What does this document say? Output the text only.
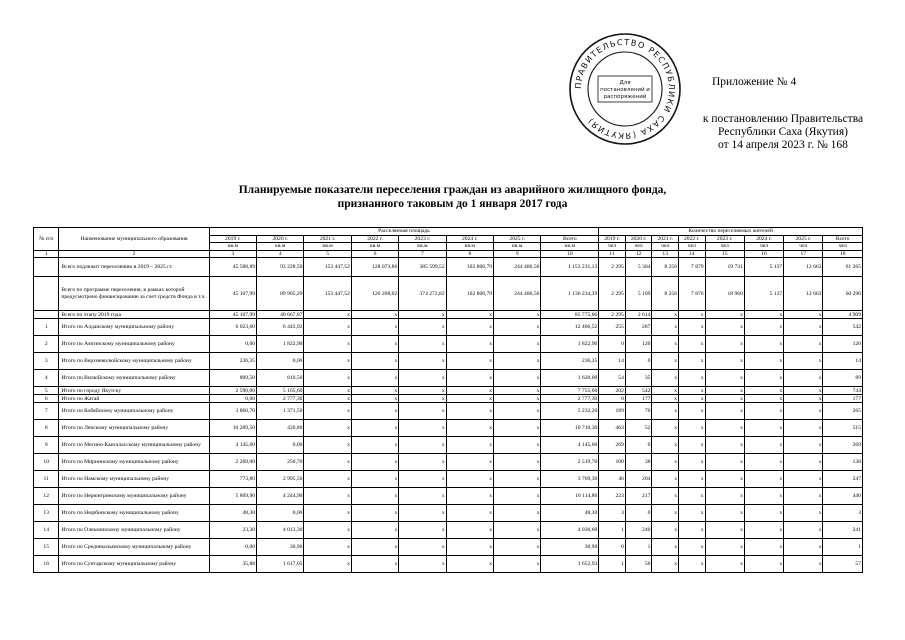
ПРАВИТЕЛЬСТВО РЕСПУБЛИКИ САХА (ЯКУТИЯ)
Для
постановлений и
распоряжений
Приложение № 4
к постановлению Правительства
Республики Саха (Якутия)
от 14 апреля 2023 г. № 168
Планируемые показатели переселения граждан из аварийного жилищного фонда,
признанного таковым до 1 января 2017 года
№ п/п	Наименование муниципального образования	Расселяемая площадь								Количество переселяемых жителей							
		2019 г.	2020 г.	2021 г.	2022 г.	2023 г.	2024 г.	2025 г.	Всего	2019 г.	2020 г.	2021 г.	2022 г.	2023 г.	2024 г.	2025 г.	Всего
		кв.м	кв.м	кв.м	кв.м	кв.м	кв.м	кв.м	кв.м	чел	чел	чел	чел	чел	чел	чел	чел
1	2	3	4	5	6	7	8	9	10	11	12	13	14	15	16	17	18
	Всего подлежит переселению в 2019 – 2025 гг.	45 588,89	93 228,59	153 447,52	128 073,86	385 599,52	102 808,79	244 486,56	1 153 231,13	2 295	5 304	8 256	7 879	19 731	5 137	12 663	61 265
	Всего по программе переселения, в рамках которой предусмотрено финансирование за счет средств Фонда в т.ч.	45 107,99	89 905,29	153 447,52	126 208,02	374 272,82	102 808,79	244 486,56	1 136 234,39	2 295	5 109	8 256	7 876	18 960	5 137	12 663	60 296
	Всего по этапу 2019 года	45 107,99	40 667,87	x	x	x	x	x	85 775,86	2 295	2 614	x	x	x	x	x	4 909
1	Итого по Алданскому муниципальному району	6 023,60	6 443,92	x	x	x	x	x	12 466,52	255	287	x	x	x	x	x	542
2	Итого по Амгинскому муниципальному району	0,00	1 822,90	x	x	x	x	x	1 822,90	0	120	x	x	x	x	x	120
3	Итого по Верхневилюйскому муниципальному району	236,35	0,00	x	x	x	x	x	236,35	14	0	x	x	x	x	x	14
4	Итого по Вилюйскому муниципальному району	809,50	810,50	x	x	x	x	x	1 620,00	54	35	x	x	x	x	x	89
5	Итого по городу Якутску	2 590,00	5 165,60	x	x	x	x	x	7 755,60	202	542	x	x	x	x	x	744
6	Итого по Жатай	0,00	2 777,30	x	x	x	x	x	2 777,30	0	177	x	x	x	x	x	177
7	Итого по Кобяйскому муниципальному району	3 860,70	1 371,50	x	x	x	x	x	5 232,20	189	76	x	x	x	x	x	265
8	Итого по Ленскому муниципальному району	10 289,50	420,80	x	x	x	x	x	10 710,30	463	52	x	x	x	x	x	515
9	Итого по Мегино-Кангаласскому муниципальному району	4 145,60	0,00	x	x	x	x	x	4 145,60	269	0	x	x	x	x	x	269
10	Итого по Мирнинскому муниципальному району	2 269,00	250,70	x	x	x	x	x	2 519,70	100	38	x	x	x	x	x	138
11	Итого по Намскому муниципальному району	773,80	2 995,50	x	x	x	x	x	3 769,30	46	204	x	x	x	x	x	247
12	Итого по Нерюнгринскому муниципальному району	5 869,90	4 244,90	x	x	x	x	x	10 114,80	223	217	x	x	x	x	x	440
13	Итого по Нюрбинскому муниципальному району	48,30	0,00	x	x	x	x	x	48,30	3	0	x	x	x	x	x	3
14	Итого по Олекминскому муниципальному району	23,30	4 013,30	x	x	x	x	x	4 036,60	1	240	x	x	x	x	x	241
15	Итого по Среднеколымскому муниципальному району	0,00	30,90	x	x	x	x	x	30,90	0	1	x	x	x	x	x	1
16	Итого по Сунтарскому муниципальному району	35,88	1 617,05	x	x	x	x	x	1 652,93	1	56	x	x	x	x	x	57
